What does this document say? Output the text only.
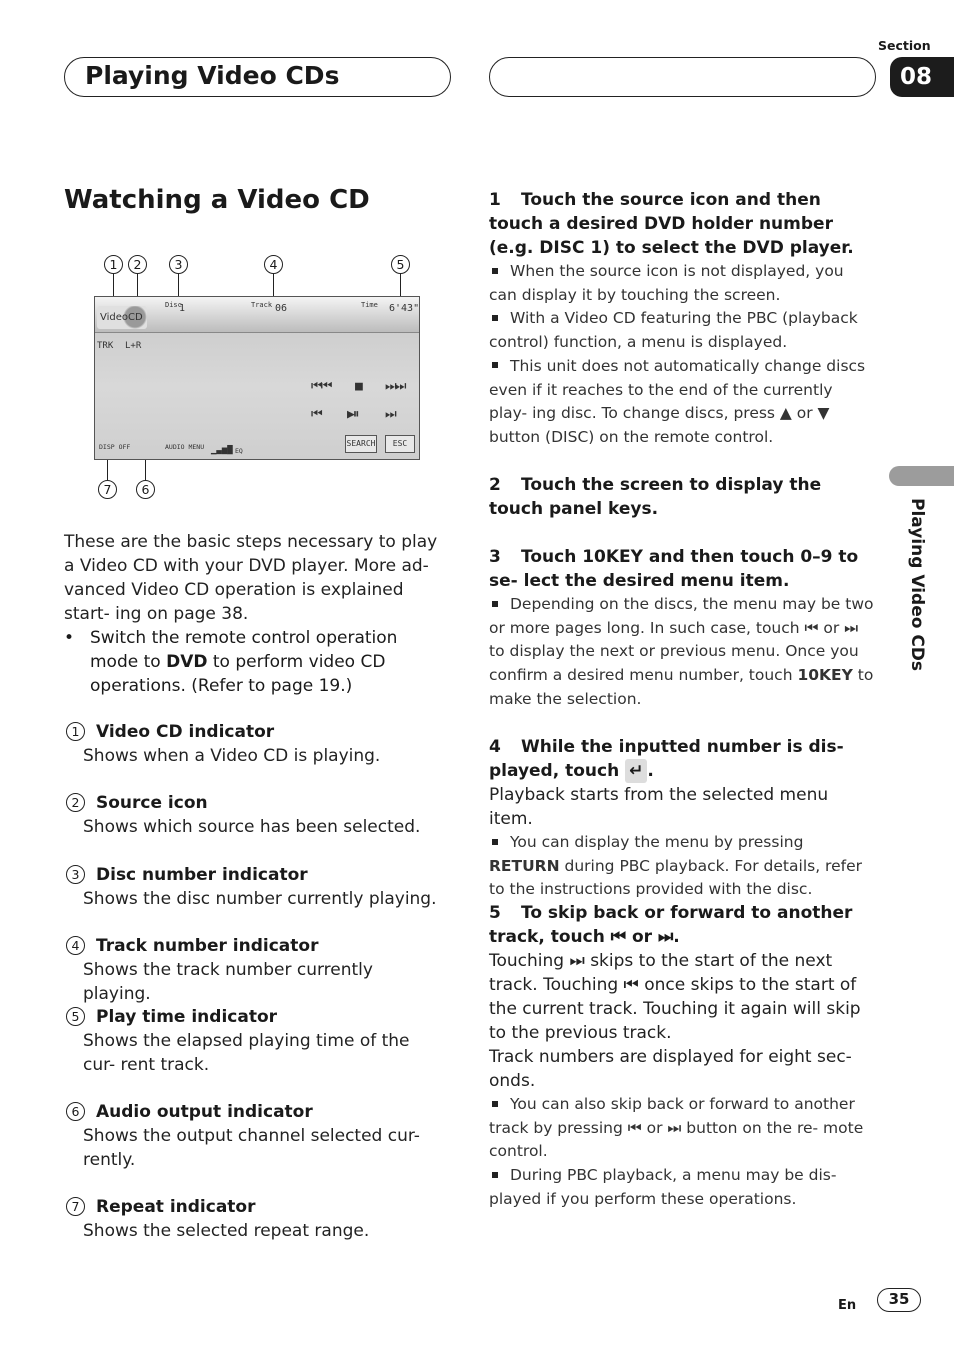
Section
08
Playing Video CDs
Playing Video CDs
Watching a Video CD
1	2	3	4	5
7	6
VideoCD
Disc
1	Track 06	Time 6'43"
TRK L+R
⏮⏮ ■ ⏭⏭
⏮ ▶⏸ ⏭
DISP OFF	AUDIO MENU ▁▃▅▇ EQ
SEARCH	ESC

These are the basic steps necessary to play a Video CD with your DVD player. More ad- vanced Video CD operation is explained start- ing on page 38.

• Switch the remote control operation mode to DVD to perform video CD operations. (Refer to page 19.)
1 Video CD indicator
Shows when a Video CD is playing.
2 Source icon
Shows which source has been selected.
3 Disc number indicator
Shows the disc number currently playing.
4 Track number indicator
Shows the track number currently playing.
5 Play time indicator
Shows the elapsed playing time of the cur- rent track.
6 Audio output indicator
Shows the output channel selected cur- rently.
7 Repeat indicator
Shows the selected repeat range.
1 Touch the source icon and then touch a desired DVD holder number (e.g. DISC 1) to select the DVD player.
When the source icon is not displayed, you can display it by touching the screen.
With a Video CD featuring the PBC (playback control) function, a menu is displayed.
This unit does not automatically change discs even if it reaches to the end of the currently play- ing disc. To change discs, press ▲ or ▼ button (DISC) on the remote control.
2 Touch the screen to display the touch panel keys.
3 Touch 10KEY and then touch 0–9 to se- lect the desired menu item.
Depending on the discs, the menu may be two or more pages long. In such case, touch ⏮ or ⏭ to display the next or previous menu. Once you confirm a desired menu number, touch 10KEY to make the selection.
4 While the inputted number is dis- played, touch ↵ .
Playback starts from the selected menu item.
You can display the menu by pressing RETURN during PBC playback. For details, refer to the instructions provided with the disc.
5 To skip back or forward to another track, touch ⏮ or ⏭.
Touching ⏭ skips to the start of the next track. Touching ⏮ once skips to the start of the current track. Touching it again will skip to the previous track.
Track numbers are displayed for eight sec- onds.
You can also skip back or forward to another track by pressing ⏮ or ⏭ button on the re- mote control.
During PBC playback, a menu may be dis- played if you perform these operations.
En	35
